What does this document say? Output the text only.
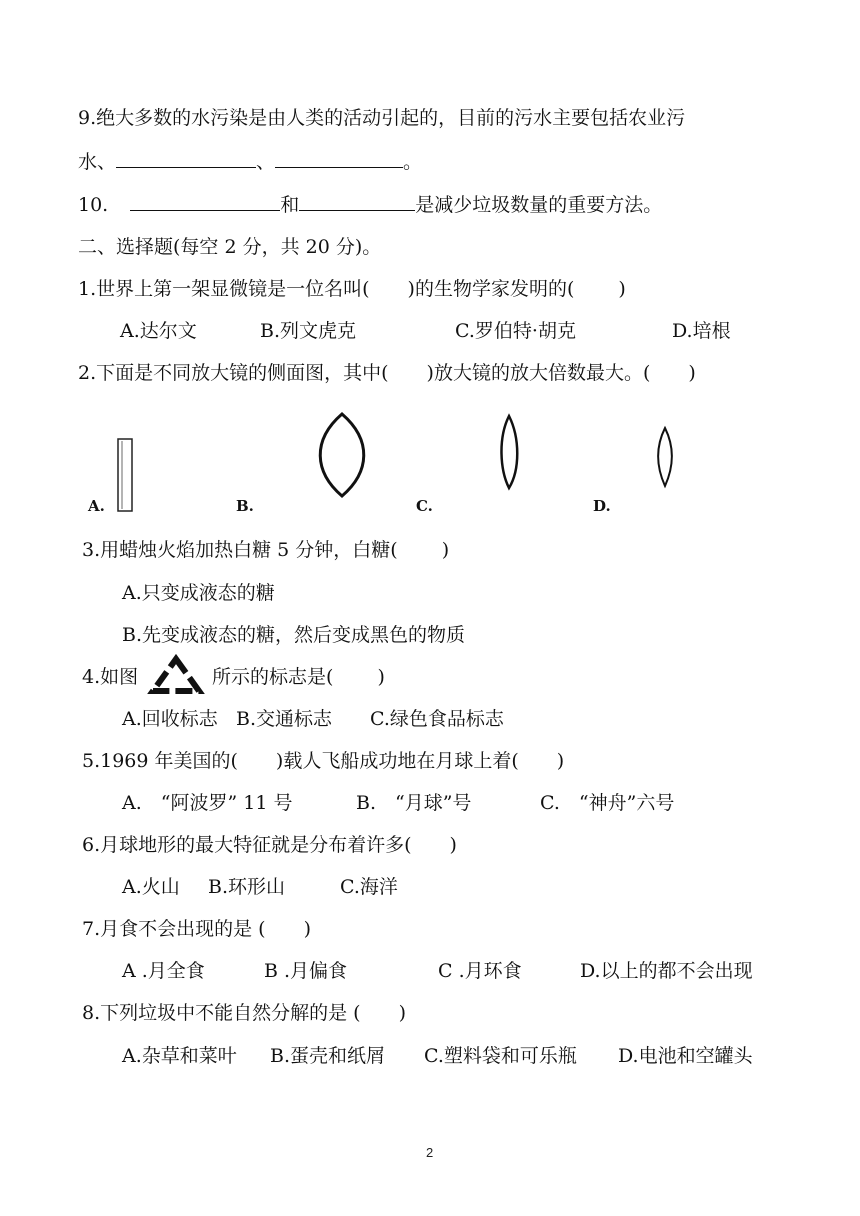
9.绝大多数的水污染是由人类的活动引起的，目前的污水主要包括农业污
水、	、	。
10.	和	是减少垃圾数量的重要方法。
二、选择题(每空 2 分，共 20 分)。
1.世界上第一架显微镜是一位名叫(　　)的生物学家发明的(　　 )
A.达尔文	B.列文虎克	C.罗伯特·胡克	D.培根
2.下面是不同放大镜的侧面图，其中(　　)放大镜的放大倍数最大。(　　)
A.	B.	C.	D.
3.用蜡烛火焰加热白糖 5 分钟，白糖(　　 )
A.只变成液态的糖
B.先变成液态的糖，然后变成黑色的物质
4.如图	所示的标志是(　　 )
A.回收标志 B.交通标志 C.绿色食品标志
5.1969 年美国的(　　)载人飞船成功地在月球上着(　　)
A.　“阿波罗” 11 号	B.　“月球”号	C.　“神舟”六号
6.月球地形的最大特征就是分布着许多(　　)
A.火山 B.环形山	C.海洋
7.月食不会出现的是 (　　)
A .月全食	B .月偏食	C .月环食	D.以上的都不会出现
8.下列垃圾中不能自然分解的是 (　　)
A.杂草和菜叶 B.蛋壳和纸屑 C.塑料袋和可乐瓶 D.电池和空罐头
2
